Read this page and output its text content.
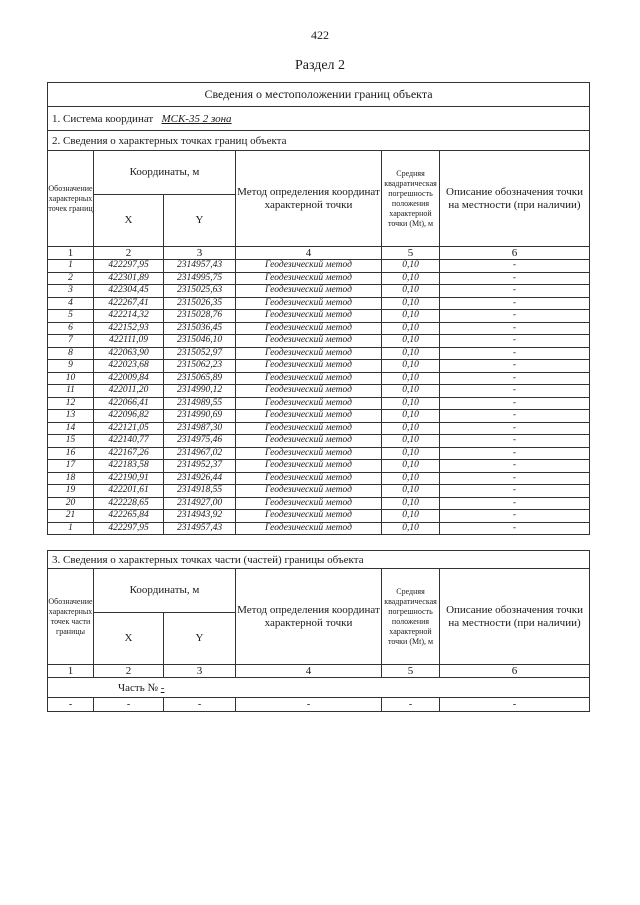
422
Раздел 2
Сведения о местоположении границ объекта					
1. Система координат МСК-35 2 зона					
2. Сведения о характерных точках границ объекта					
Обозначение характерных точек границ	Координаты, м		Метод определения координат характерной точки	Средняя квадратическая погрешность положения характерной точки (Mt), м	Описание обозначения точки на местности (при наличии)
	X	Y			
1	2	3	4	5	6
1	422297,95	2314957,43	Геодезический метод	0,10	-
2	422301,89	2314995,75	Геодезический метод	0,10	-
3	422304,45	2315025,63	Геодезический метод	0,10	-
4	422267,41	2315026,35	Геодезический метод	0,10	-
5	422214,32	2315028,76	Геодезический метод	0,10	-
6	422152,93	2315036,45	Геодезический метод	0,10	-
7	422111,09	2315046,10	Геодезический метод	0,10	-
8	422063,90	2315052,97	Геодезический метод	0,10	-
9	422023,68	2315062,23	Геодезический метод	0,10	-
10	422009,84	2315065,89	Геодезический метод	0,10	-
11	422011,20	2314990,12	Геодезический метод	0,10	-
12	422066,41	2314989,55	Геодезический метод	0,10	-
13	422096,82	2314990,69	Геодезический метод	0,10	-
14	422121,05	2314987,30	Геодезический метод	0,10	-
15	422140,77	2314975,46	Геодезический метод	0,10	-
16	422167,26	2314967,02	Геодезический метод	0,10	-
17	422183,58	2314952,37	Геодезический метод	0,10	-
18	422190,91	2314926,44	Геодезический метод	0,10	-
19	422201,61	2314918,55	Геодезический метод	0,10	-
20	422228,65	2314927,00	Геодезический метод	0,10	-
21	422265,84	2314943,92	Геодезический метод	0,10	-
1	422297,95	2314957,43	Геодезический метод	0,10	-
3. Сведения о характерных точках части (частей) границы объекта					
Обозначение характерных точек части границы	Координаты, м		Метод определения координат характерной точки	Средняя квадратическая погрешность положения характерной точки (Mt), м	Описание обозначения точки на местности (при наличии)
	X	Y			
1	2	3	4	5	6
Часть № -					
-	-	-	-	-	-
